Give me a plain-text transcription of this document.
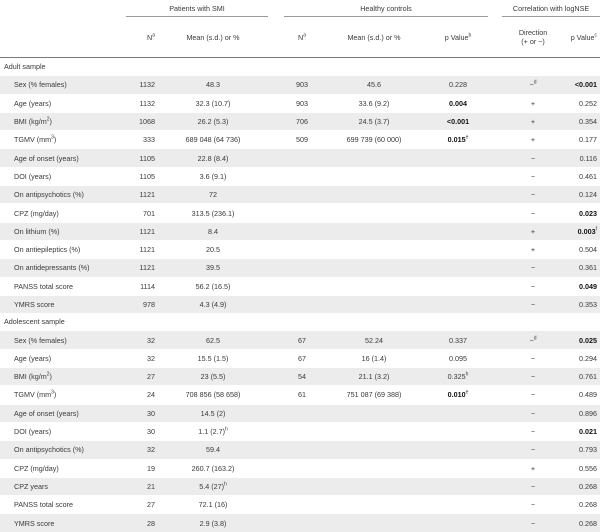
	Patients with SMI			Healthy controls				Correlation with logNSE	
	$N^a$	Mean (s.d.) or %		$N^a$	Mean (s.d.) or %	p Value$^b$		Direction
(+ or −)	p Value$^c$
Adult sample									
Sex (% females)	1132	48.3		903	45.6	0.228		−$^d$	<0.001
Age (years)	1132	32.3 (10.7)		903	33.6 (9.2)	0.004		+	0.252
BMI $(kg/m^2)$	1068	26.2 (5.3)		706	24.5 (3.7)	<0.001		+	0.354
TGMV $(mm^3)$	333	689 048 (64 736)		509	699 739 (60 000)	0.015e		+	0.177
Age of onset (years)	1105	22.8 (8.4)						−	0.116
DOI (years)	1105	3.6 (9.1)						−	0.461
On antipsychotics (%)	1121	72						−	0.124
CPZ (mg/day)	701	313.5 (236.1)						−	0.023
On lithium (%)	1121	8.4						+	0.003$^f$
On antiepileptics (%)	1121	20.5						+	0.504
On antidepressants (%)	1121	39.5						−	0.361
PANSS total score	1114	56.2 (16.5)						−	0.049
YMRS score	978	4.3 (4.9)						−	0.353
Adolescent sample									
Sex (% females)	32	62.5		67	52.24	0.337		−$^d$	0.025
Age (years)	32	15.5 (1.5)		67	16 (1.4)	0.095		−	0.294
BMI $(kg/m^2)$	27	23 (5.5)		54	21.1 (3.2)	0.325$^h$		−	0.761
TGMV $(mm^3)$	24	708 856 (58 658)		61	751 087 (69 388)	0.010e		−	0.489
Age of onset (years)	30	14.5 (2)						−	0.896
DOI (years)	30	1.1 $(2.7)^h$						−	0.021
On antipsychotics (%)	32	59.4						−	0.793
CPZ (mg/day)	19	260.7 (163.2)						+	0.556
CPZ years	21	5.4 $(27)^h$						−	0.268
PANSS total score	27	72.1 (16)						−	0.268
YMRS score	28	2.9 (3.8)						−	0.268
